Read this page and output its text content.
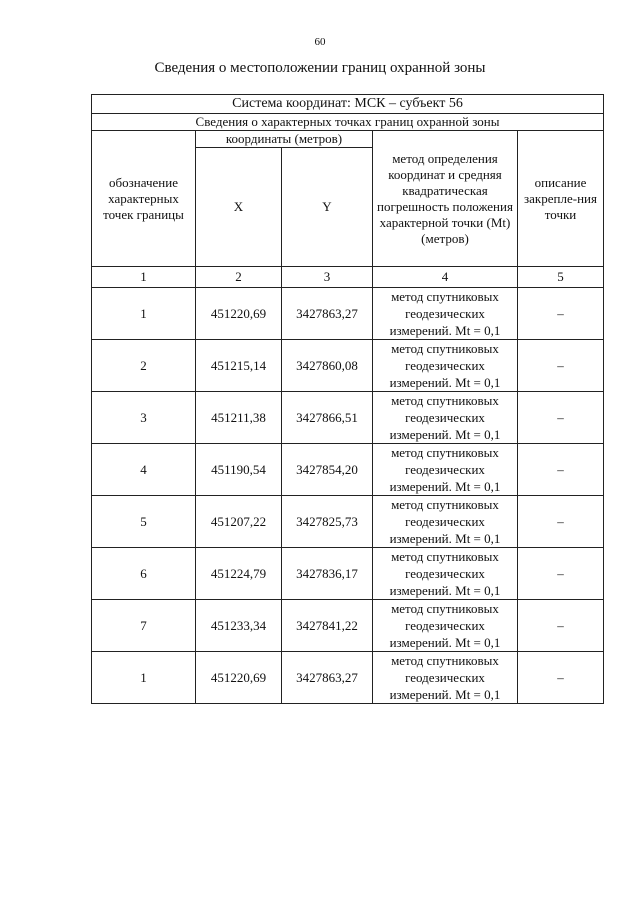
60
Сведения о местоположении границ охранной зоны
Система координат: МСК – субъект 56				
Сведения о характерных точках границ охранной зоны				
обозначение характерных точек границы	координаты (метров)		метод определения координат и средняя квадратическая погрешность положения характерной точки (Mt) (метров)	описание закрепле-ния точки
	X	Y		
1	2	3	4	5
1	451220,69	3427863,27	метод спутниковых геодезических измерений. Mt = 0,1	–
2	451215,14	3427860,08	метод спутниковых геодезических измерений. Mt = 0,1	–
3	451211,38	3427866,51	метод спутниковых геодезических измерений. Mt = 0,1	–
4	451190,54	3427854,20	метод спутниковых геодезических измерений. Mt = 0,1	–
5	451207,22	3427825,73	метод спутниковых геодезических измерений. Mt = 0,1	–
6	451224,79	3427836,17	метод спутниковых геодезических измерений. Mt = 0,1	–
7	451233,34	3427841,22	метод спутниковых геодезических измерений. Mt = 0,1	–
1	451220,69	3427863,27	метод спутниковых геодезических измерений. Mt = 0,1	–
